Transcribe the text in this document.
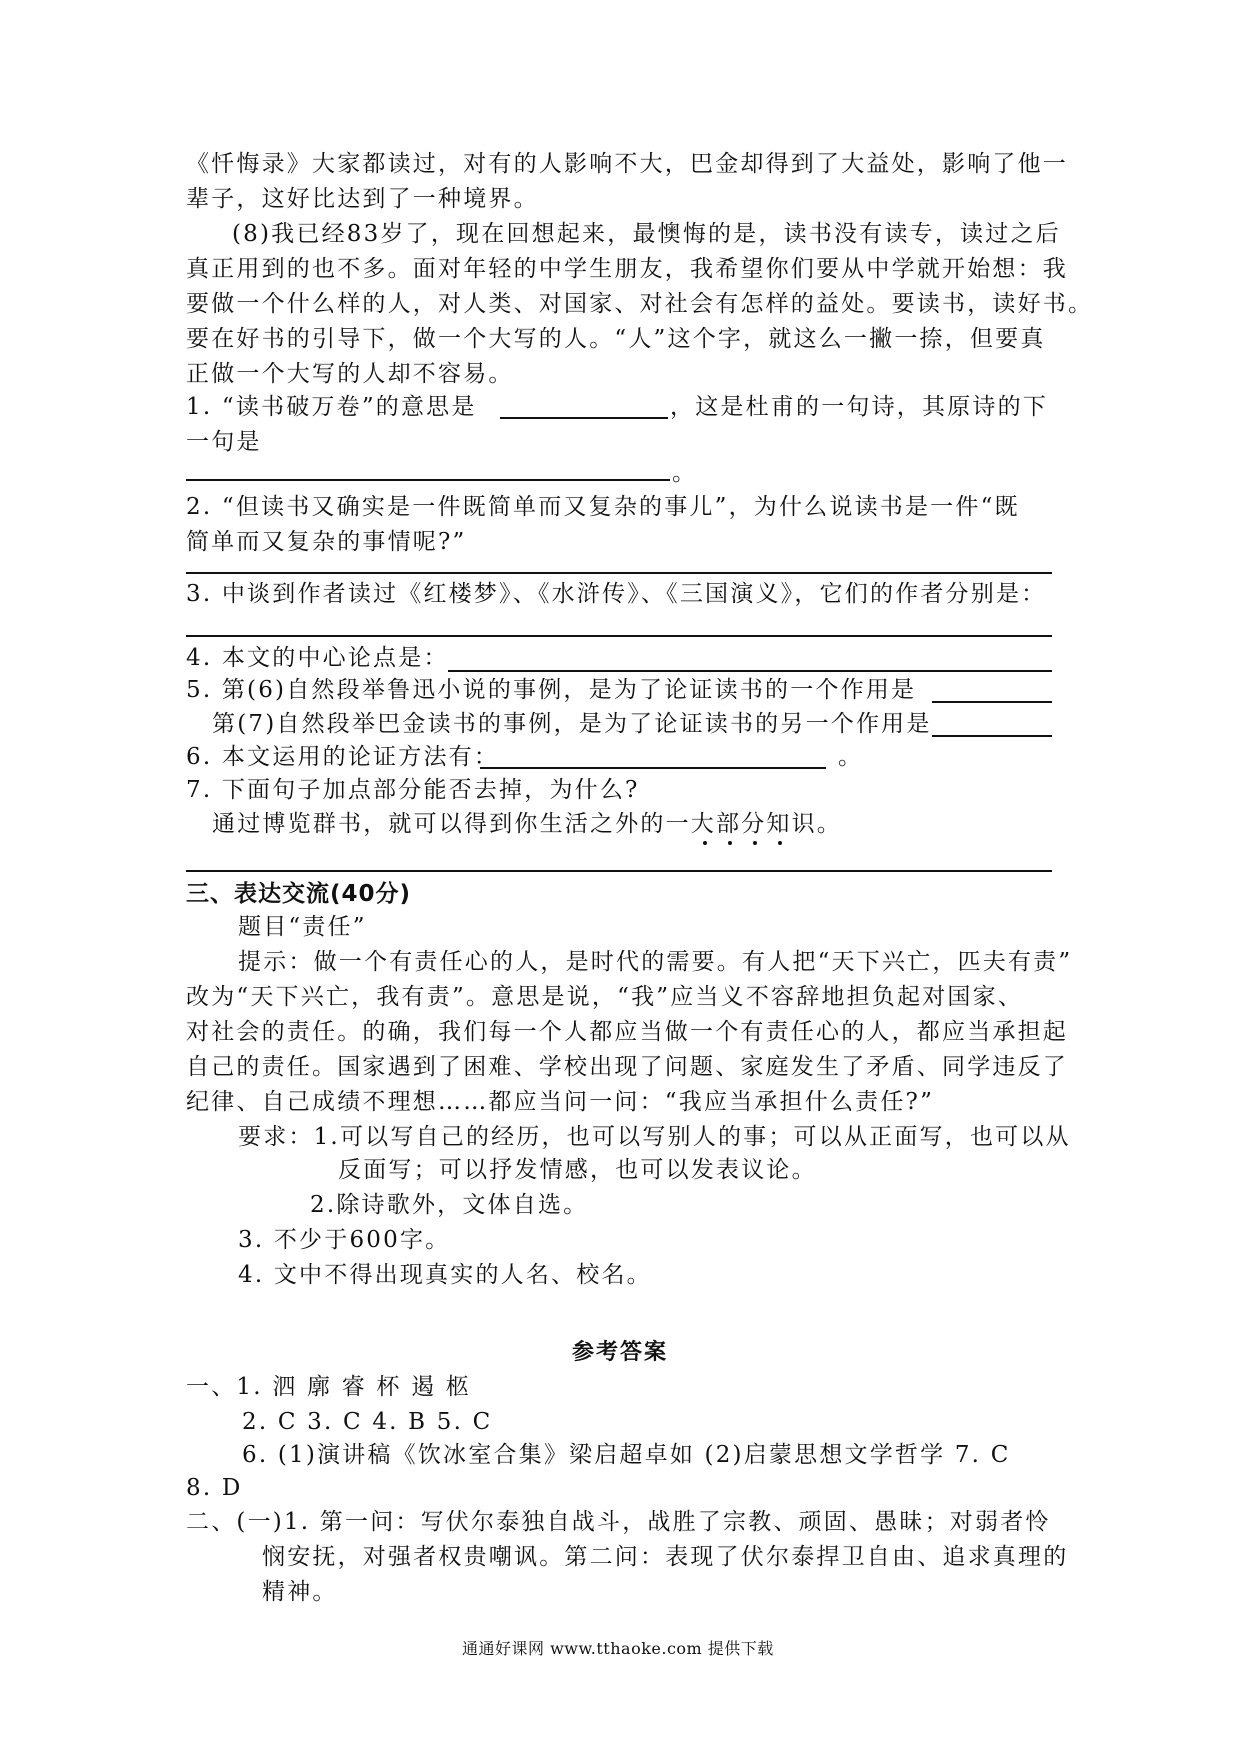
《忏悔录》大家都读过，对有的人影响不大，巴金却得到了大益处，影响了他一
辈子，这好比达到了一种境界。
(8)我已经83岁了，现在回想起来，最懊悔的是，读书没有读专，读过之后
真正用到的也不多。面对年轻的中学生朋友，我希望你们要从中学就开始想：我
要做一个什么样的人，对人类、对国家、对社会有怎样的益处。要读书，读好书。
要在好书的引导下，做一个大写的人。“人”这个字，就这么一撇一捺，但要真
正做一个大写的人却不容易。
1. “读书破万卷”的意思是	，这是杜甫的一句诗，其原诗的下
一句是
。
2. “但读书又确实是一件既简单而又复杂的事儿”，为什么说读书是一件“既
简单而又复杂的事情呢?”
3. 中谈到作者读过《红楼梦》、《水浒传》、《三国演义》，它们的作者分别是：
4. 本文的中心论点是：
5. 第(6)自然段举鲁迅小说的事例，是为了论证读书的一个作用是
第(7)自然段举巴金读书的事例，是为了论证读书的另一个作用是
6. 本文运用的论证方法有：	。
7. 下面句子加点部分能否去掉，为什么?
通过博览群书，就可以得到你生活之外的一大部分知识。
三、表达交流(40分)
题目“责任”
提示：做一个有责任心的人，是时代的需要。有人把“天下兴亡，匹夫有责”
改为“天下兴亡，我有责”。意思是说，“我”应当义不容辞地担负起对国家、
对社会的责任。的确，我们每一个人都应当做一个有责任心的人，都应当承担起
自己的责任。国家遇到了困难、学校出现了问题、家庭发生了矛盾、同学违反了
纪律、自己成绩不理想……都应当问一问：“我应当承担什么责任?”
要求：1.可以写自己的经历，也可以写别人的事；可以从正面写，也可以从
反面写；可以抒发情感，也可以发表议论。
2.除诗歌外，文体自选。
3. 不少于600字。
4. 文中不得出现真实的人名、校名。
参考答案
一、1. 泗 廓 睿 杯 遏 柩
2. C 3. C 4. B 5. C
6. (1)演讲稿《饮冰室合集》梁启超卓如 (2)启蒙思想文学哲学 7. C
8. D
二、(一)1. 第一问：写伏尔泰独自战斗，战胜了宗教、顽固、愚昧；对弱者怜
悯安抚，对强者权贵嘲讽。第二问：表现了伏尔泰捍卫自由、追求真理的
精神。
通通好课网 www.tthaoke.com 提供下载
